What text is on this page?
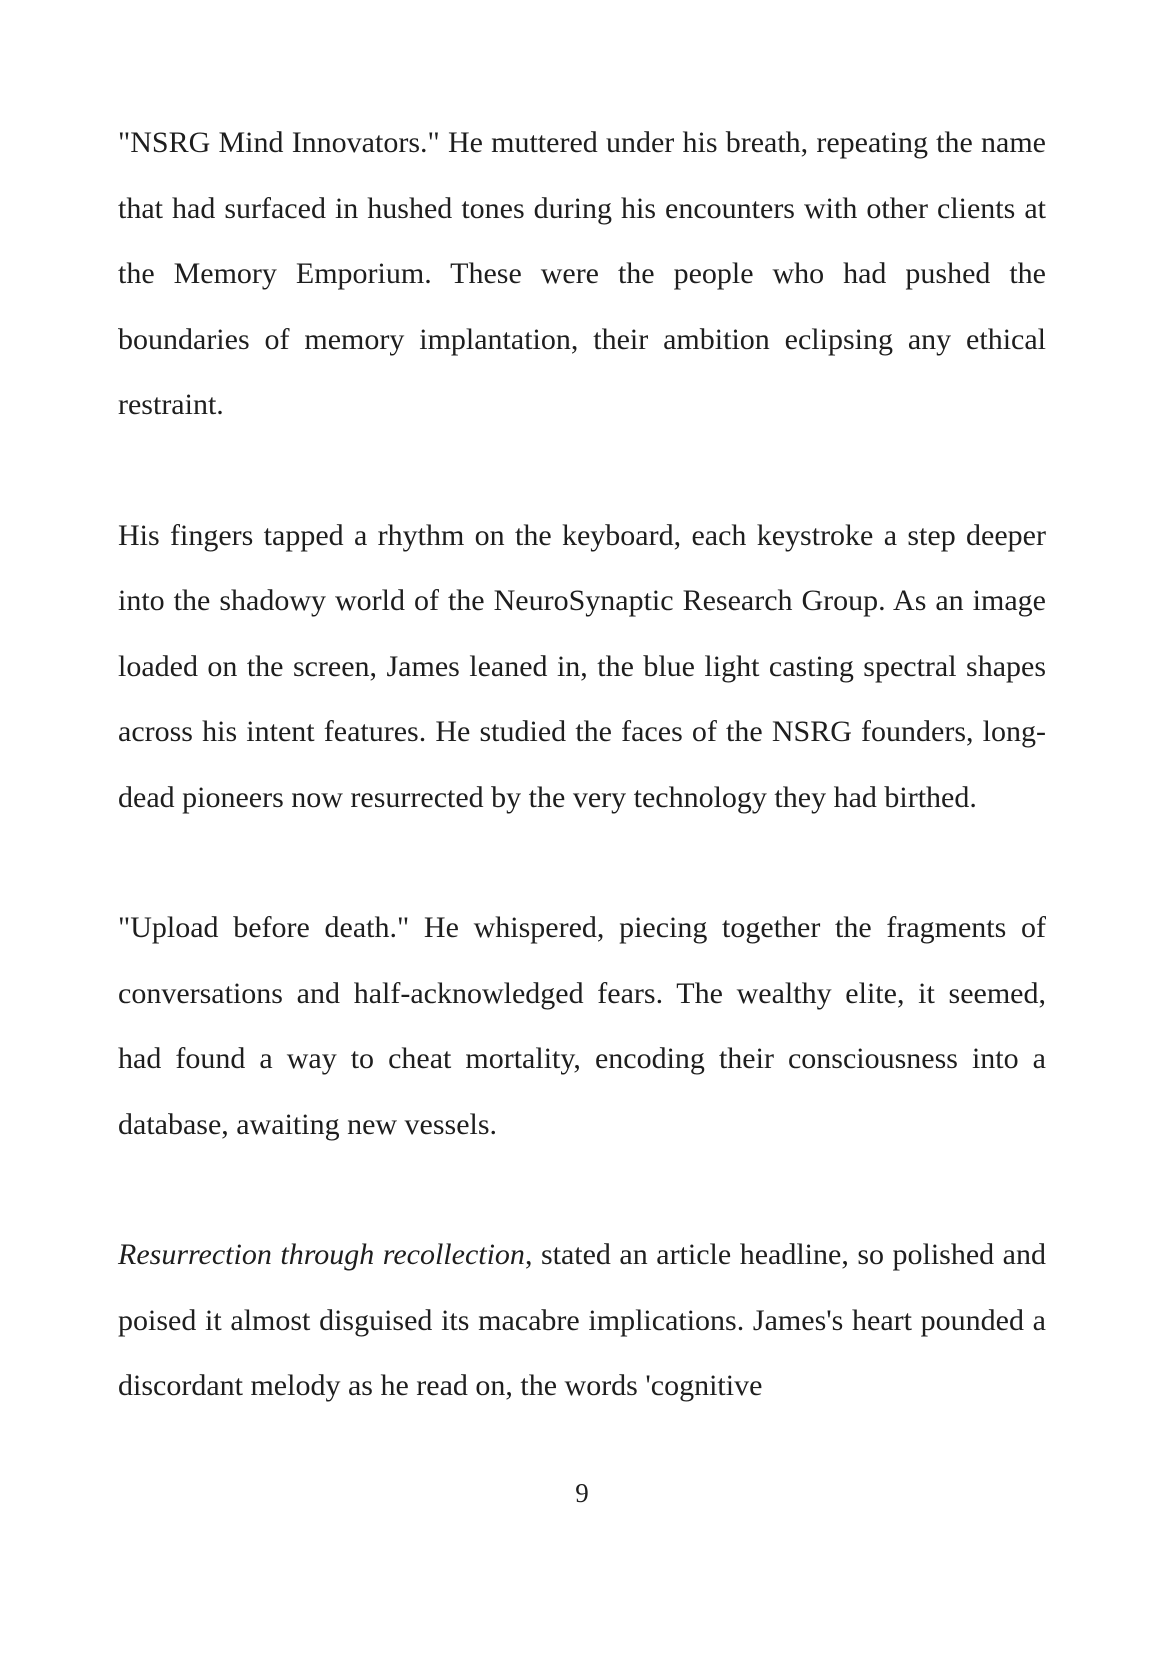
"NSRG Mind Innovators." He muttered under his breath, repeating the name that had surfaced in hushed tones during his encounters with other clients at the Memory Emporium. These were the people who had pushed the boundaries of memory implantation, their ambition eclipsing any ethical restraint.

His fingers tapped a rhythm on the keyboard, each keystroke a step deeper into the shadowy world of the NeuroSynaptic Research Group. As an image loaded on the screen, James leaned in, the blue light casting spectral shapes across his intent features. He studied the faces of the NSRG founders, long-dead pioneers now resurrected by the very technology they had birthed.

"Upload before death." He whispered, piecing together the fragments of conversations and half-acknowledged fears. The wealthy elite, it seemed, had found a way to cheat mortality, encoding their consciousness into a database, awaiting new vessels.

Resurrection through recollection, stated an article headline, so polished and poised it almost disguised its macabre implications. James's heart pounded a discordant melody as he read on, the words 'cognitive

9
